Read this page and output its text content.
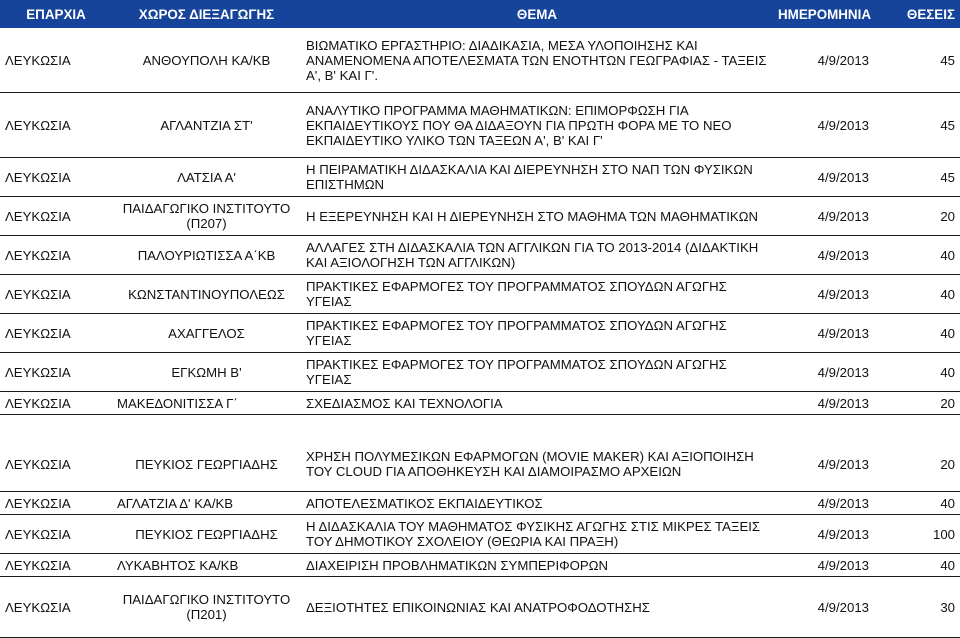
ΕΠΑΡΧΙΑ	ΧΩΡΟΣ ΔΙΕΞΑΓΩΓΗΣ	ΘΕΜΑ	ΗΜΕΡΟΜΗΝΙΑ	ΘΕΣΕΙΣ
ΛΕΥΚΩΣΙΑ	ΑΝΘΟΥΠΟΛΗ ΚΑ/ΚΒ	ΒΙΩΜΑΤΙΚΟ ΕΡΓΑΣΤΗΡΙΟ: ΔΙΑΔΙΚΑΣΙΑ, ΜΕΣΑ ΥΛΟΠΟΙΗΣΗΣ ΚΑΙ ΑΝΑΜΕΝΟΜΕΝΑ ΑΠΟΤΕΛΕΣΜΑΤΑ ΤΩΝ ΕΝΟΤΗΤΩΝ ΓΕΩΓΡΑΦΙΑΣ - ΤΑΞΕΙΣ Α', Β' ΚΑΙ Γ'.	4/9/2013	45
ΛΕΥΚΩΣΙΑ	ΑΓΛΑΝΤΖΙΑ ΣΤ'	ΑΝΑΛΥΤΙΚΟ ΠΡΟΓΡΑΜΜΑ ΜΑΘΗΜΑΤΙΚΩΝ: ΕΠΙΜΟΡΦΩΣΗ ΓΙΑ ΕΚΠΑΙΔΕΥΤΙΚΟΥΣ ΠΟΥ ΘΑ ΔΙΔΑΞΟΥΝ ΓΙΑ ΠΡΩΤΗ ΦΟΡΑ ΜΕ ΤΟ ΝΕΟ ΕΚΠΑΙΔΕΥΤΙΚΟ ΥΛΙΚΟ ΤΩΝ ΤΑΞΕΩΝ Α', Β' ΚΑΙ Γ'	4/9/2013	45
ΛΕΥΚΩΣΙΑ	ΛΑΤΣΙΑ Α'	Η ΠΕΙΡΑΜΑΤΙΚΗ ΔΙΔΑΣΚΑΛΙΑ ΚΑΙ ΔΙΕΡΕΥΝΗΣΗ ΣΤΟ ΝΑΠ ΤΩΝ ΦΥΣΙΚΩΝ ΕΠΙΣΤΗΜΩΝ	4/9/2013	45
ΛΕΥΚΩΣΙΑ	ΠΑΙΔΑΓΩΓΙΚΟ ΙΝΣΤΙΤΟΥΤΟ (Π207)	Η ΕΞΕΡΕΥΝΗΣΗ ΚΑΙ Η ΔΙΕΡΕΥΝΗΣΗ ΣΤΟ ΜΑΘΗΜΑ ΤΩΝ ΜΑΘΗΜΑΤΙΚΩΝ	4/9/2013	20
ΛΕΥΚΩΣΙΑ	ΠΑΛΟΥΡΙΩΤΙΣΣΑ Α΄ΚΒ	ΑΛΛΑΓΕΣ ΣΤΗ ΔΙΔΑΣΚΑΛΙΑ ΤΩΝ ΑΓΓΛΙΚΩΝ ΓΙΑ ΤΟ 2013-2014 (ΔΙΔΑΚΤΙΚΗ ΚΑΙ ΑΞΙΟΛΟΓΗΣΗ ΤΩΝ ΑΓΓΛΙΚΩΝ)	4/9/2013	40
ΛΕΥΚΩΣΙΑ	ΚΩΝΣΤΑΝΤΙΝΟΥΠΟΛΕΩΣ	ΠΡΑΚΤΙΚΕΣ ΕΦΑΡΜΟΓΕΣ ΤΟΥ ΠΡΟΓΡΑΜΜΑΤΟΣ ΣΠΟΥΔΩΝ ΑΓΩΓΗΣ ΥΓΕΙΑΣ	4/9/2013	40
ΛΕΥΚΩΣΙΑ	ΑΧΑΓΓΕΛΟΣ	ΠΡΑΚΤΙΚΕΣ ΕΦΑΡΜΟΓΕΣ ΤΟΥ ΠΡΟΓΡΑΜΜΑΤΟΣ ΣΠΟΥΔΩΝ ΑΓΩΓΗΣ ΥΓΕΙΑΣ	4/9/2013	40
ΛΕΥΚΩΣΙΑ	ΕΓΚΩΜΗ Β'	ΠΡΑΚΤΙΚΕΣ ΕΦΑΡΜΟΓΕΣ ΤΟΥ ΠΡΟΓΡΑΜΜΑΤΟΣ ΣΠΟΥΔΩΝ ΑΓΩΓΗΣ ΥΓΕΙΑΣ	4/9/2013	40
ΛΕΥΚΩΣΙΑ	ΜΑΚΕΔΟΝΙΤΙΣΣΑ Γ΄	ΣΧΕΔΙΑΣΜΟΣ ΚΑΙ ΤΕΧΝΟΛΟΓΙΑ	4/9/2013	20

ΛΕΥΚΩΣΙΑ	ΠΕΥΚΙΟΣ ΓΕΩΡΓΙΑΔΗΣ	ΧΡΗΣΗ ΠΟΛΥΜΕΣΙΚΩΝ ΕΦΑΡΜΟΓΩΝ (MOVIE MAKER) ΚΑΙ ΑΞΙΟΠΟΙΗΣΗ ΤΟΥ CLOUD ΓΙΑ ΑΠΟΘΗΚΕΥΣΗ ΚΑΙ ΔΙΑΜΟΙΡΑΣΜΟ ΑΡΧΕΙΩΝ	4/9/2013	20
ΛΕΥΚΩΣΙΑ	ΑΓΛΑΤΖΙΑ Δ' ΚΑ/ΚΒ	ΑΠΟΤΕΛΕΣΜΑΤΙΚΟΣ ΕΚΠΑΙΔΕΥΤΙΚΟΣ	4/9/2013	40
ΛΕΥΚΩΣΙΑ	ΠΕΥΚΙΟΣ ΓΕΩΡΓΙΑΔΗΣ	Η ΔΙΔΑΣΚΑΛΙΑ ΤΟΥ ΜΑΘΗΜΑΤΟΣ ΦΥΣΙΚΗΣ ΑΓΩΓΗΣ ΣΤΙΣ ΜΙΚΡΕΣ ΤΑΞΕΙΣ ΤΟΥ ΔΗΜΟΤΙΚΟΥ ΣΧΟΛΕΙΟΥ (ΘΕΩΡΙΑ ΚΑΙ ΠΡΑΞΗ)	4/9/2013	100
ΛΕΥΚΩΣΙΑ	ΛΥΚΑΒΗΤΟΣ ΚΑ/ΚΒ	ΔΙΑΧΕΙΡΙΣΗ ΠΡΟΒΛΗΜΑΤΙΚΩΝ ΣΥΜΠΕΡΙΦΟΡΩΝ	4/9/2013	40
ΛΕΥΚΩΣΙΑ	ΠΑΙΔΑΓΩΓΙΚΟ ΙΝΣΤΙΤΟΥΤΟ (Π201)	ΔΕΞΙΟΤΗΤΕΣ ΕΠΙΚΟΙΝΩΝΙΑΣ ΚΑΙ ΑΝΑΤΡΟΦΟΔΟΤΗΣΗΣ	4/9/2013	30
